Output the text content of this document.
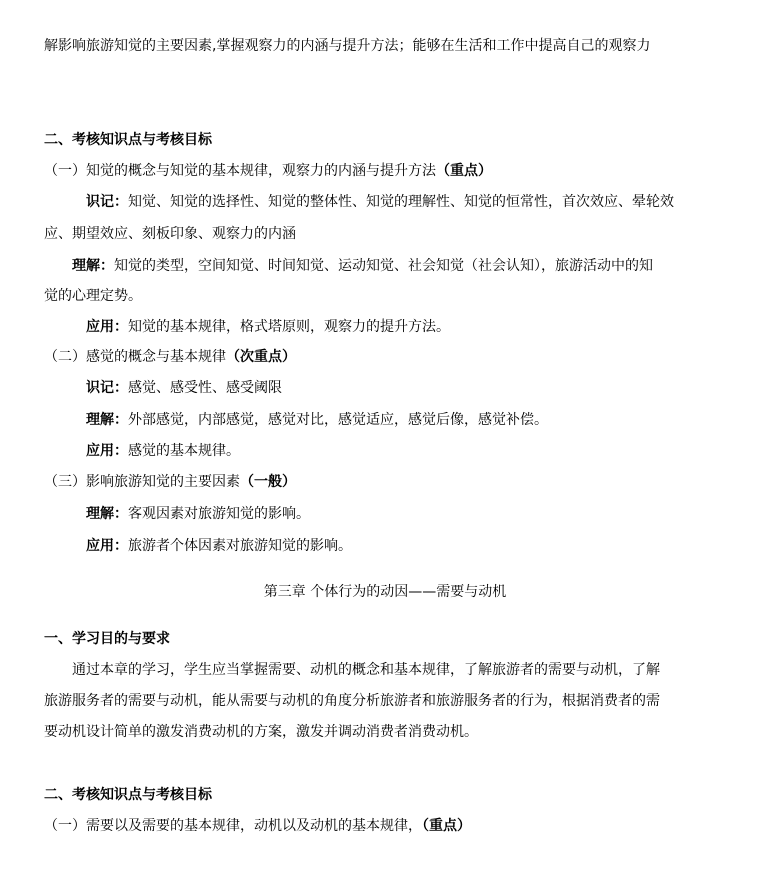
解影响旅游知觉的主要因素,掌握观察力的内涵与提升方法；能够在生活和工作中提高自己的观察力
二、考核知识点与考核目标
（一）知觉的概念与知觉的基本规律，观察力的内涵与提升方法（重点）
识记：知觉、知觉的选择性、知觉的整体性、知觉的理解性、知觉的恒常性，首次效应、晕轮效
应、期望效应、刻板印象、观察力的内涵
理解：知觉的类型，空间知觉、时间知觉、运动知觉、社会知觉（社会认知），旅游活动中的知
觉的心理定势。
应用：知觉的基本规律，格式塔原则，观察力的提升方法。
（二）感觉的概念与基本规律（次重点）
识记：感觉、感受性、感受阈限
理解：外部感觉，内部感觉，感觉对比，感觉适应，感觉后像，感觉补偿。
应用：感觉的基本规律。
（三）影响旅游知觉的主要因素（一般）
理解：客观因素对旅游知觉的影响。
应用：旅游者个体因素对旅游知觉的影响。
第三章 个体行为的动因——需要与动机
一、学习目的与要求
通过本章的学习，学生应当掌握需要、动机的概念和基本规律，了解旅游者的需要与动机，了解
旅游服务者的需要与动机，能从需要与动机的角度分析旅游者和旅游服务者的行为，根据消费者的需
要动机设计简单的激发消费动机的方案，激发并调动消费者消费动机。
二、考核知识点与考核目标
（一）需要以及需要的基本规律，动机以及动机的基本规律，（重点）
